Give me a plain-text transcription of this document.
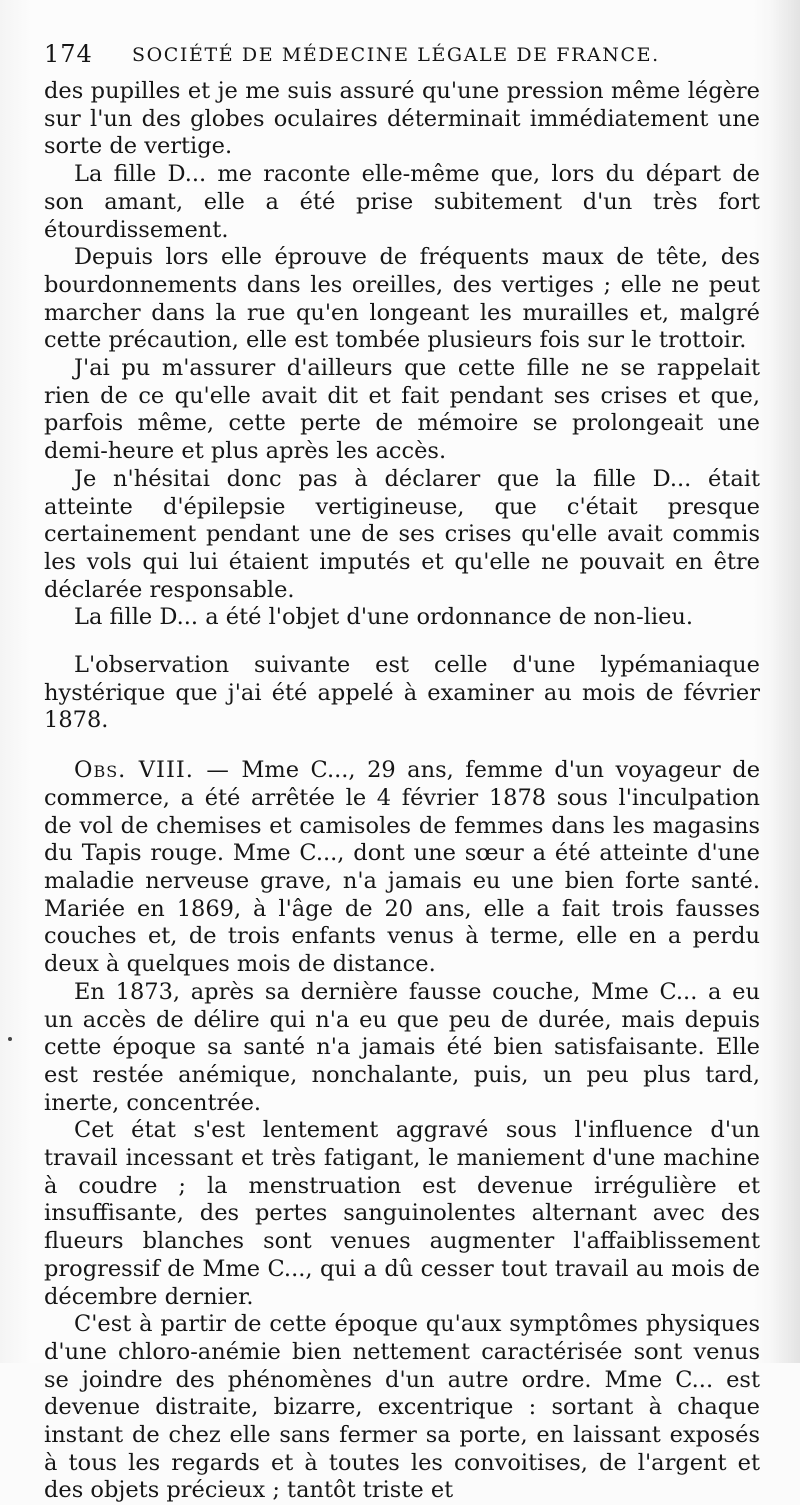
174 SOCIÉTÉ DE MÉDECINE LÉGALE DE FRANCE.

des pupilles et je me suis assuré qu'une pression même légère sur l'un des globes oculaires déterminait immédiatement une sorte de vertige.

La fille D... me raconte elle-même que, lors du départ de son amant, elle a été prise subitement d'un très fort étourdissement.

Depuis lors elle éprouve de fréquents maux de tête, des bourdonnements dans les oreilles, des vertiges ; elle ne peut marcher dans la rue qu'en longeant les murailles et, malgré cette précaution, elle est tombée plusieurs fois sur le trottoir.

J'ai pu m'assurer d'ailleurs que cette fille ne se rappelait rien de ce qu'elle avait dit et fait pendant ses crises et que, parfois même, cette perte de mémoire se prolongeait une demi-heure et plus après les accès.

Je n'hésitai donc pas à déclarer que la fille D... était atteinte d'épilepsie vertigineuse, que c'était presque certainement pendant une de ses crises qu'elle avait commis les vols qui lui étaient imputés et qu'elle ne pouvait en être déclarée responsable.

La fille D... a été l'objet d'une ordonnance de non-lieu.

L'observation suivante est celle d'une lypémaniaque hystérique que j'ai été appelé à examiner au mois de février 1878.

Obs. VIII. — Mme C..., 29 ans, femme d'un voyageur de commerce, a été arrêtée le 4 février 1878 sous l'inculpation de vol de chemises et camisoles de femmes dans les magasins du Tapis rouge. Mme C..., dont une sœur a été atteinte d'une maladie nerveuse grave, n'a jamais eu une bien forte santé. Mariée en 1869, à l'âge de 20 ans, elle a fait trois fausses couches et, de trois enfants venus à terme, elle en a perdu deux à quelques mois de distance.

En 1873, après sa dernière fausse couche, Mme C... a eu un accès de délire qui n'a eu que peu de durée, mais depuis cette époque sa santé n'a jamais été bien satisfaisante. Elle est restée anémique, nonchalante, puis, un peu plus tard, inerte, concentrée.

Cet état s'est lentement aggravé sous l'influence d'un travail incessant et très fatigant, le maniement d'une machine à coudre ; la menstruation est devenue irrégulière et insuffisante, des pertes sanguinolentes alternant avec des flueurs blanches sont venues augmenter l'affaiblissement progressif de Mme C..., qui a dû cesser tout travail au mois de décembre dernier.

C'est à partir de cette époque qu'aux symptômes physiques d'une chloro-anémie bien nettement caractérisée sont venus se joindre des phénomènes d'un autre ordre. Mme C... est devenue distraite, bizarre, excentrique : sortant à chaque instant de chez elle sans fermer sa porte, en laissant exposés à tous les regards et à toutes les convoitises, de l'argent et des objets précieux ; tantôt triste et
